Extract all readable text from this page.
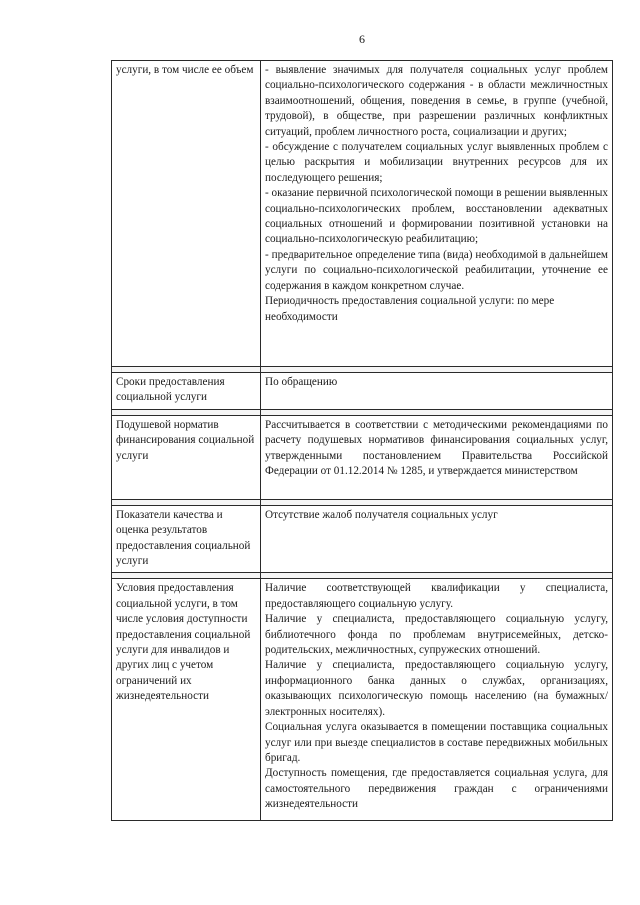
6
услуги, в том числе ее объем	- выявление значимых для получателя социальных услуг проблем социально-психологического содержания - в области межличностных взаимоотношений, общения, поведения в семье, в группе (учебной, трудовой), в обществе, при разрешении различных конфликтных ситуаций, проблем личностного роста, социализации и других;

- обсуждение с получателем социальных услуг выявленных проблем с целью раскрытия и мобилизации внутренних ресурсов для их последующего решения;

- оказание первичной психологической помощи в решении выявленных социально-психологических проблем, восстановлении адекватных социальных отношений и формировании позитивной установки на социально-психологическую реабилитацию;

- предварительное определение типа (вида) необходимой в дальнейшем услуги по социально-психологической реабилитации, уточнение ее содержания в каждом конкретном случае.

Периодичность предоставления социальной услуги: по мере необходимости

Сроки предоставления социальной услуги	По обращению

Подушевой норматив финансирования социальной услуги	Рассчитывается в соответствии с методическими рекомендациями по расчету подушевых нормативов финансирования социальных услуг, утвержденными постановлением Правительства Российской Федерации от 01.12.2014 № 1285, и утверждается министерством

Показатели качества и оценка результатов предоставления социальной услуги	Отсутствие жалоб получателя социальных услуг

Условия предоставления социальной услуги, в том числе условия доступности предоставления социальной услуги для инвалидов и других лиц с учетом ограничений их жизнедеятельности	Наличие соответствующей квалификации у специалиста, предоставляющего социальную услугу.

Наличие у специалиста, предоставляющего социальную услугу, библиотечного фонда по проблемам внутрисемейных, детско-родительских, межличностных, супружеских отношений.

Наличие у специалиста, предоставляющего социальную услугу, информационного банка данных о службах, организациях, оказывающих психологическую помощь населению (на бумажных/электронных носителях).

Социальная услуга оказывается в помещении поставщика социальных услуг или при выезде специалистов в составе передвижных мобильных бригад.

Доступность помещения, где предоставляется социальная услуга, для самостоятельного передвижения граждан с ограничениями жизнедеятельности
